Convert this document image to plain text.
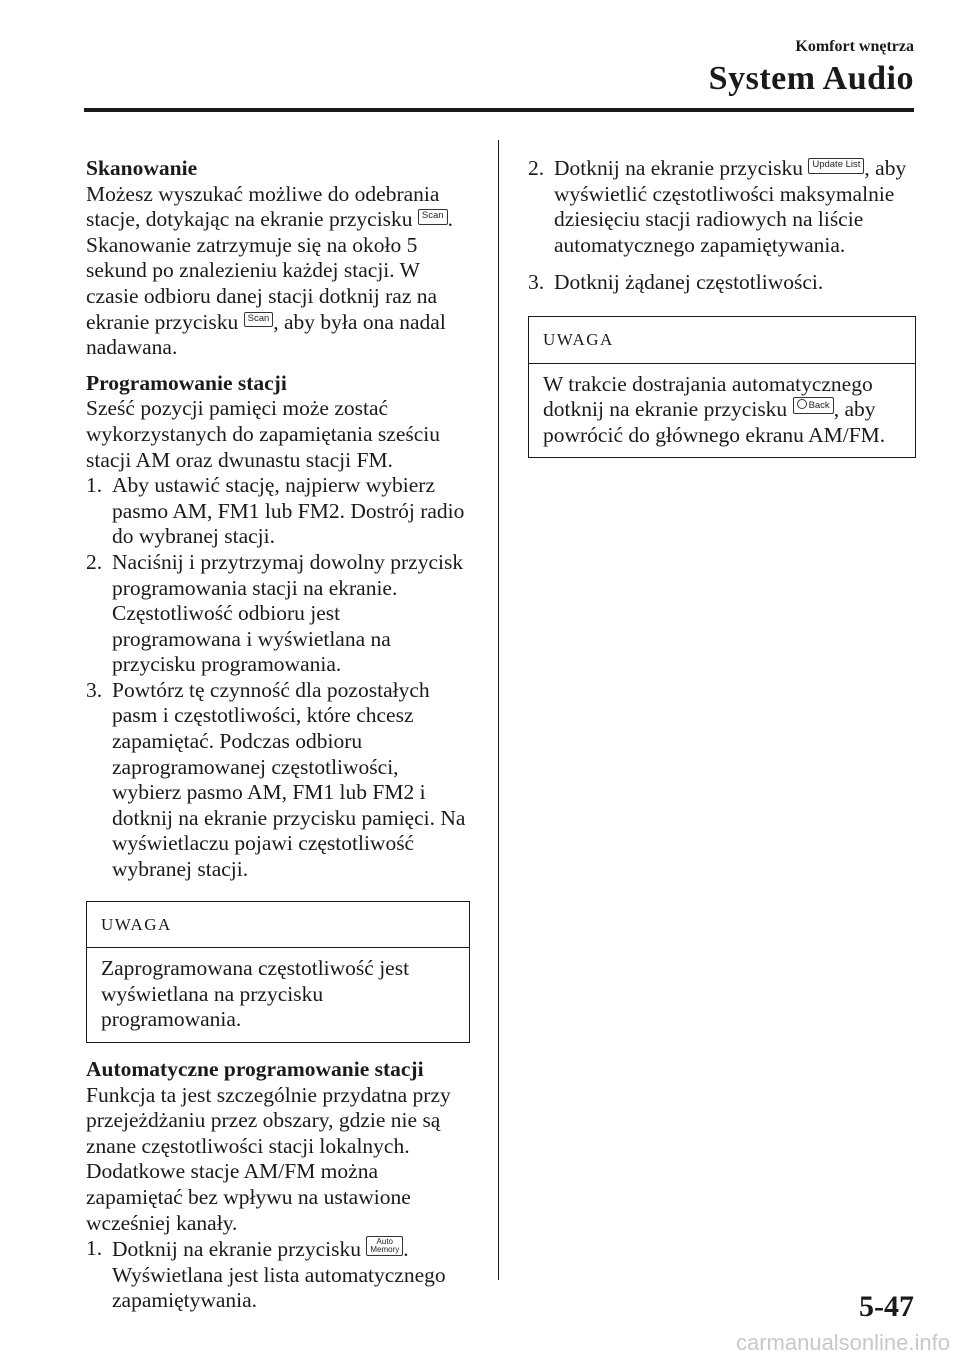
Komfort wnętrza
System Audio
Skanowanie

Możesz wyszukać możliwe do odebrania stacje, dotykając na ekranie przycisku Scan . Skanowanie zatrzymuje się na około 5 sekund po znalezieniu każdej stacji. W czasie odbioru danej stacji dotknij raz na ekranie przycisku Scan , aby była ona nadal nadawana.

Programowanie stacji

Sześć pozycji pamięci może zostać wykorzystanych do zapamiętania sześciu stacji AM oraz dwunastu stacji FM.

1. Aby ustawić stację, najpierw wybierz pasmo AM, FM1 lub FM2. Dostrój radio do wybranej stacji.
2. Naciśnij i przytrzymaj dowolny przycisk programowania stacji na ekranie. Częstotliwość odbioru jest programowana i wyświetlana na przycisku programowania.
3. Powtórz tę czynność dla pozostałych pasm i częstotliwości, które chcesz zapamiętać. Podczas odbioru zaprogramowanej częstotliwości, wybierz pasmo AM, FM1 lub FM2 i dotknij na ekranie przycisku pamięci. Na wyświetlaczu pojawi częstotliwość wybranej stacji.
UWAGA
Zaprogramowana częstotliwość jest wyświetlana na przycisku programowania.
Automatyczne programowanie stacji

Funkcja ta jest szczególnie przydatna przy przejeżdżaniu przez obszary, gdzie nie są znane częstotliwości stacji lokalnych. Dodatkowe stacje AM/FM można zapamiętać bez wpływu na ustawione wcześniej kanały.

1. Dotknij na ekranie przycisku Auto
Memory . Wyświetlana jest lista automatycznego zapamiętywania.
2. Dotknij na ekranie przycisku Update List , aby wyświetlić częstotliwości maksymalnie dziesięciu stacji radiowych na liście automatycznego zapamiętywania.
3. Dotknij żądanej częstotliwości.
UWAGA
W trakcie dostrajania automatycznego dotknij na ekranie przycisku Back , aby powrócić do głównego ekranu AM/FM.
5-47
carmanualsonline.info
